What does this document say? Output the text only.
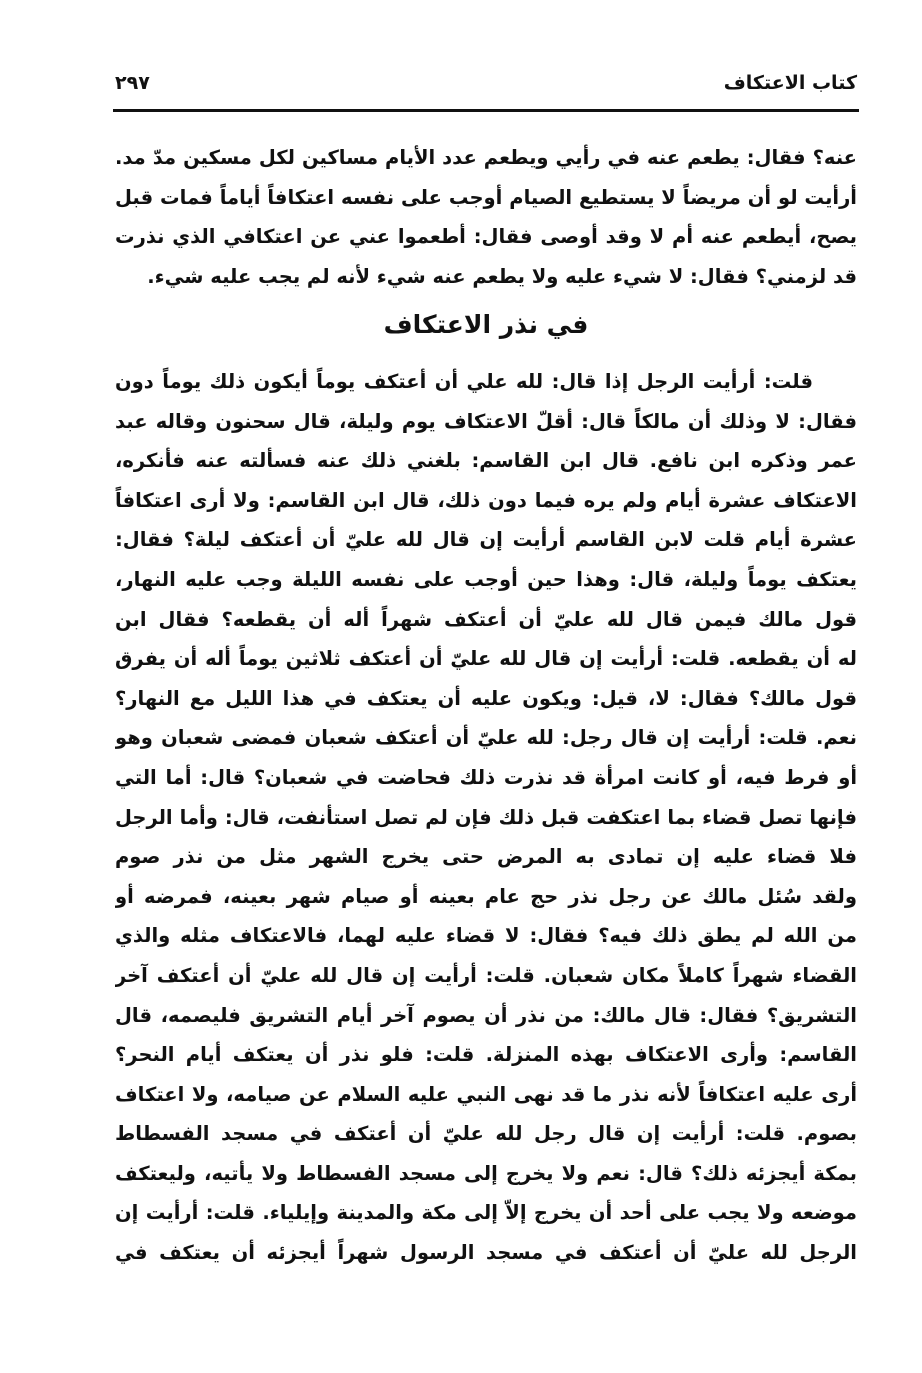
كتاب الاعتكاف
٢٩٧
عنه؟ فقال: يطعم عنه في رأيي ويطعم عدد الأيام مساكين لكل مسكين مدّ مد.
أرأيت لو أن مريضاً لا يستطيع الصيام أوجب على نفسه اعتكافاً أياماً فمات قبل
يصح، أيطعم عنه أم لا وقد أوصى فقال: أطعموا عني عن اعتكافي الذي نذرت
قد لزمني؟ فقال: لا شيء عليه ولا يطعم عنه شيء لأنه لم يجب عليه شيء.
في نذر الاعتكاف
قلت: أرأيت الرجل إذا قال: لله علي أن أعتكف يوماً أيكون ذلك يوماً دون
فقال: لا وذلك أن مالكاً قال: أقلّ الاعتكاف يوم وليلة، قال سحنون وقاله عبد
عمر وذكره ابن نافع. قال ابن القاسم: بلغني ذلك عنه فسألته عنه فأنكره،
الاعتكاف عشرة أيام ولم يره فيما دون ذلك، قال ابن القاسم: ولا أرى اعتكافاً
عشرة أيام قلت لابن القاسم أرأيت إن قال لله عليّ أن أعتكف ليلة؟ فقال:
يعتكف يوماً وليلة، قال: وهذا حين أوجب على نفسه الليلة وجب عليه النهار،
قول مالك فيمن قال لله عليّ أن أعتكف شهراً أله أن يقطعه؟ فقال ابن
له أن يقطعه. قلت: أرأيت إن قال لله عليّ أن أعتكف ثلاثين يوماً أله أن يفرق
قول مالك؟ فقال: لا، قيل: ويكون عليه أن يعتكف في هذا الليل مع النهار؟
نعم. قلت: أرأيت إن قال رجل: لله عليّ أن أعتكف شعبان فمضى شعبان وهو
أو فرط فيه، أو كانت امرأة قد نذرت ذلك فحاضت في شعبان؟ قال: أما التي
فإنها تصل قضاء بما اعتكفت قبل ذلك فإن لم تصل استأنفت، قال: وأما الرجل
فلا قضاء عليه إن تمادى به المرض حتى يخرج الشهر مثل من نذر صوم
ولقد سُئل مالك عن رجل نذر حج عام بعينه أو صيام شهر بعينه، فمرضه أو
من الله لم يطق ذلك فيه؟ فقال: لا قضاء عليه لهما، فالاعتكاف مثله والذي
القضاء شهراً كاملاً مكان شعبان. قلت: أرأيت إن قال لله عليّ أن أعتكف آخر
التشريق؟ فقال: قال مالك: من نذر أن يصوم آخر أيام التشريق فليصمه، قال
القاسم: وأرى الاعتكاف بهذه المنزلة. قلت: فلو نذر أن يعتكف أيام النحر؟
أرى عليه اعتكافاً لأنه نذر ما قد نهى النبي عليه السلام عن صيامه، ولا اعتكاف
بصوم. قلت: أرأيت إن قال رجل لله عليّ أن أعتكف في مسجد الفسطاط
بمكة أيجزئه ذلك؟ قال: نعم ولا يخرج إلى مسجد الفسطاط ولا يأتيه، وليعتكف
موضعه ولا يجب على أحد أن يخرج إلاّ إلى مكة والمدينة وإيلياء. قلت: أرأيت إن
الرجل لله عليّ أن أعتكف في مسجد الرسول شهراً أيجزئه أن يعتكف في
